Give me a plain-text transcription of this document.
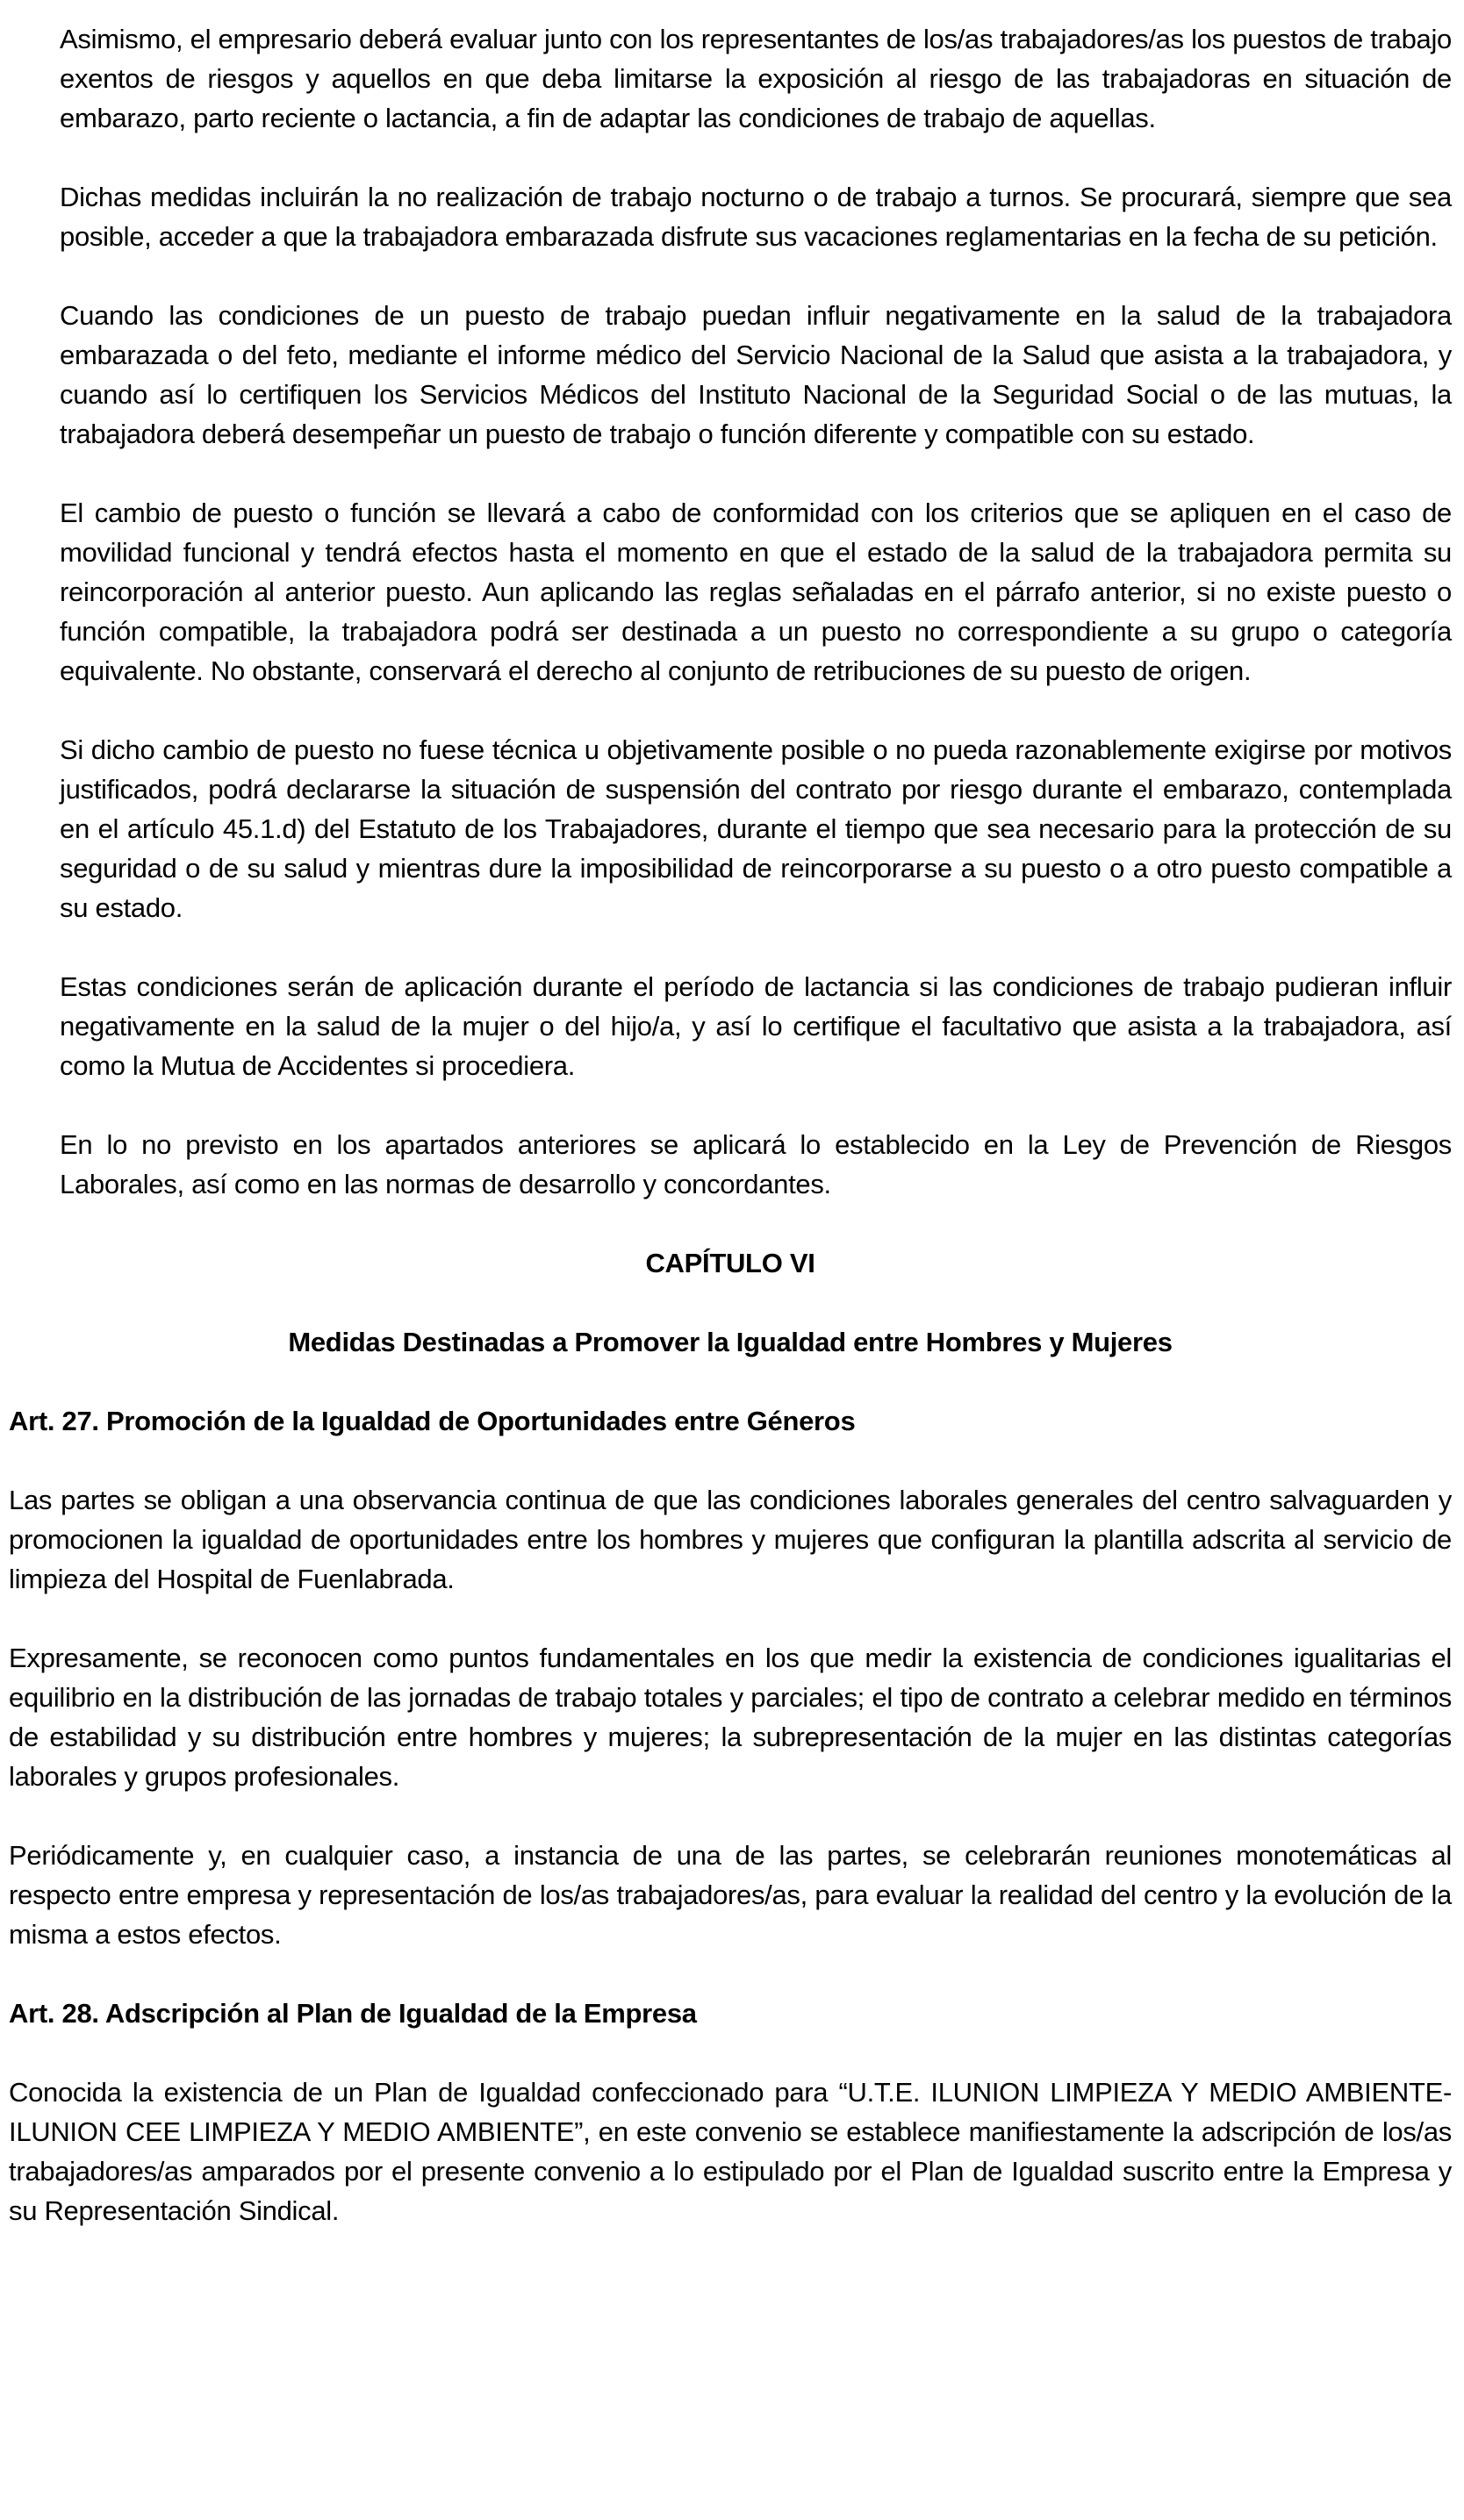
Asimismo, el empresario deberá evaluar junto con los representantes de los/as trabajadores/as los puestos de trabajo exentos de riesgos y aquellos en que deba limitarse la exposición al riesgo de las trabajadoras en situación de embarazo, parto reciente o lactancia, a fin de adaptar las condiciones de trabajo de aquellas.

Dichas medidas incluirán la no realización de trabajo nocturno o de trabajo a turnos. Se procurará, siempre que sea posible, acceder a que la trabajadora embarazada disfrute sus vacaciones reglamentarias en la fecha de su petición.

Cuando las condiciones de un puesto de trabajo puedan influir negativamente en la salud de la trabajadora embarazada o del feto, mediante el informe médico del Servicio Nacional de la Salud que asista a la trabajadora, y cuando así lo certifiquen los Servicios Médicos del Instituto Nacional de la Seguridad Social o de las mutuas, la trabajadora deberá desempeñar un puesto de trabajo o función diferente y compatible con su estado.

El cambio de puesto o función se llevará a cabo de conformidad con los criterios que se apliquen en el caso de movilidad funcional y tendrá efectos hasta el momento en que el estado de la salud de la trabajadora permita su reincorporación al anterior puesto. Aun aplicando las reglas señaladas en el párrafo anterior, si no existe puesto o función compatible, la trabajadora podrá ser destinada a un puesto no correspondiente a su grupo o categoría equivalente. No obstante, conservará el derecho al conjunto de retribuciones de su puesto de origen.

Si dicho cambio de puesto no fuese técnica u objetivamente posible o no pueda razonablemente exigirse por motivos justificados, podrá declararse la situación de suspensión del contrato por riesgo durante el embarazo, contemplada en el artículo 45.1.d) del Estatuto de los Trabajadores, durante el tiempo que sea necesario para la protección de su seguridad o de su salud y mientras dure la imposibilidad de reincorporarse a su puesto o a otro puesto compatible a su estado.

Estas condiciones serán de aplicación durante el período de lactancia si las condiciones de trabajo pudieran influir negativamente en la salud de la mujer o del hijo/a, y así lo certifique el facultativo que asista a la trabajadora, así como la Mutua de Accidentes si procediera.

En lo no previsto en los apartados anteriores se aplicará lo establecido en la Ley de Prevención de Riesgos Laborales, así como en las normas de desarrollo y concordantes.

CAPÍTULO VI
Medidas Destinadas a Promover la Igualdad entre Hombres y Mujeres
Art. 27. Promoción de la Igualdad de Oportunidades entre Géneros

Las partes se obligan a una observancia continua de que las condiciones laborales generales del centro salvaguarden y promocionen la igualdad de oportunidades entre los hombres y mujeres que configuran la plantilla adscrita al servicio de limpieza del Hospital de Fuenlabrada.

Expresamente, se reconocen como puntos fundamentales en los que medir la existencia de condiciones igualitarias el equilibrio en la distribución de las jornadas de trabajo totales y parciales; el tipo de contrato a celebrar medido en términos de estabilidad y su distribución entre hombres y mujeres; la subrepresentación de la mujer en las distintas categorías laborales y grupos profesionales.

Periódicamente y, en cualquier caso, a instancia de una de las partes, se celebrarán reuniones monotemáticas al respecto entre empresa y representación de los/as trabajadores/as, para evaluar la realidad del centro y la evolución de la misma a estos efectos.

Art. 28. Adscripción al Plan de Igualdad de la Empresa

Conocida la existencia de un Plan de Igualdad confeccionado para “U.T.E. ILUNION LIMPIEZA Y MEDIO AMBIENTE-ILUNION CEE LIMPIEZA Y MEDIO AMBIENTE”, en este convenio se establece manifiestamente la adscripción de los/as trabajadores/as amparados por el presente convenio a lo estipulado por el Plan de Igualdad suscrito entre la Empresa y su Representación Sindical.
